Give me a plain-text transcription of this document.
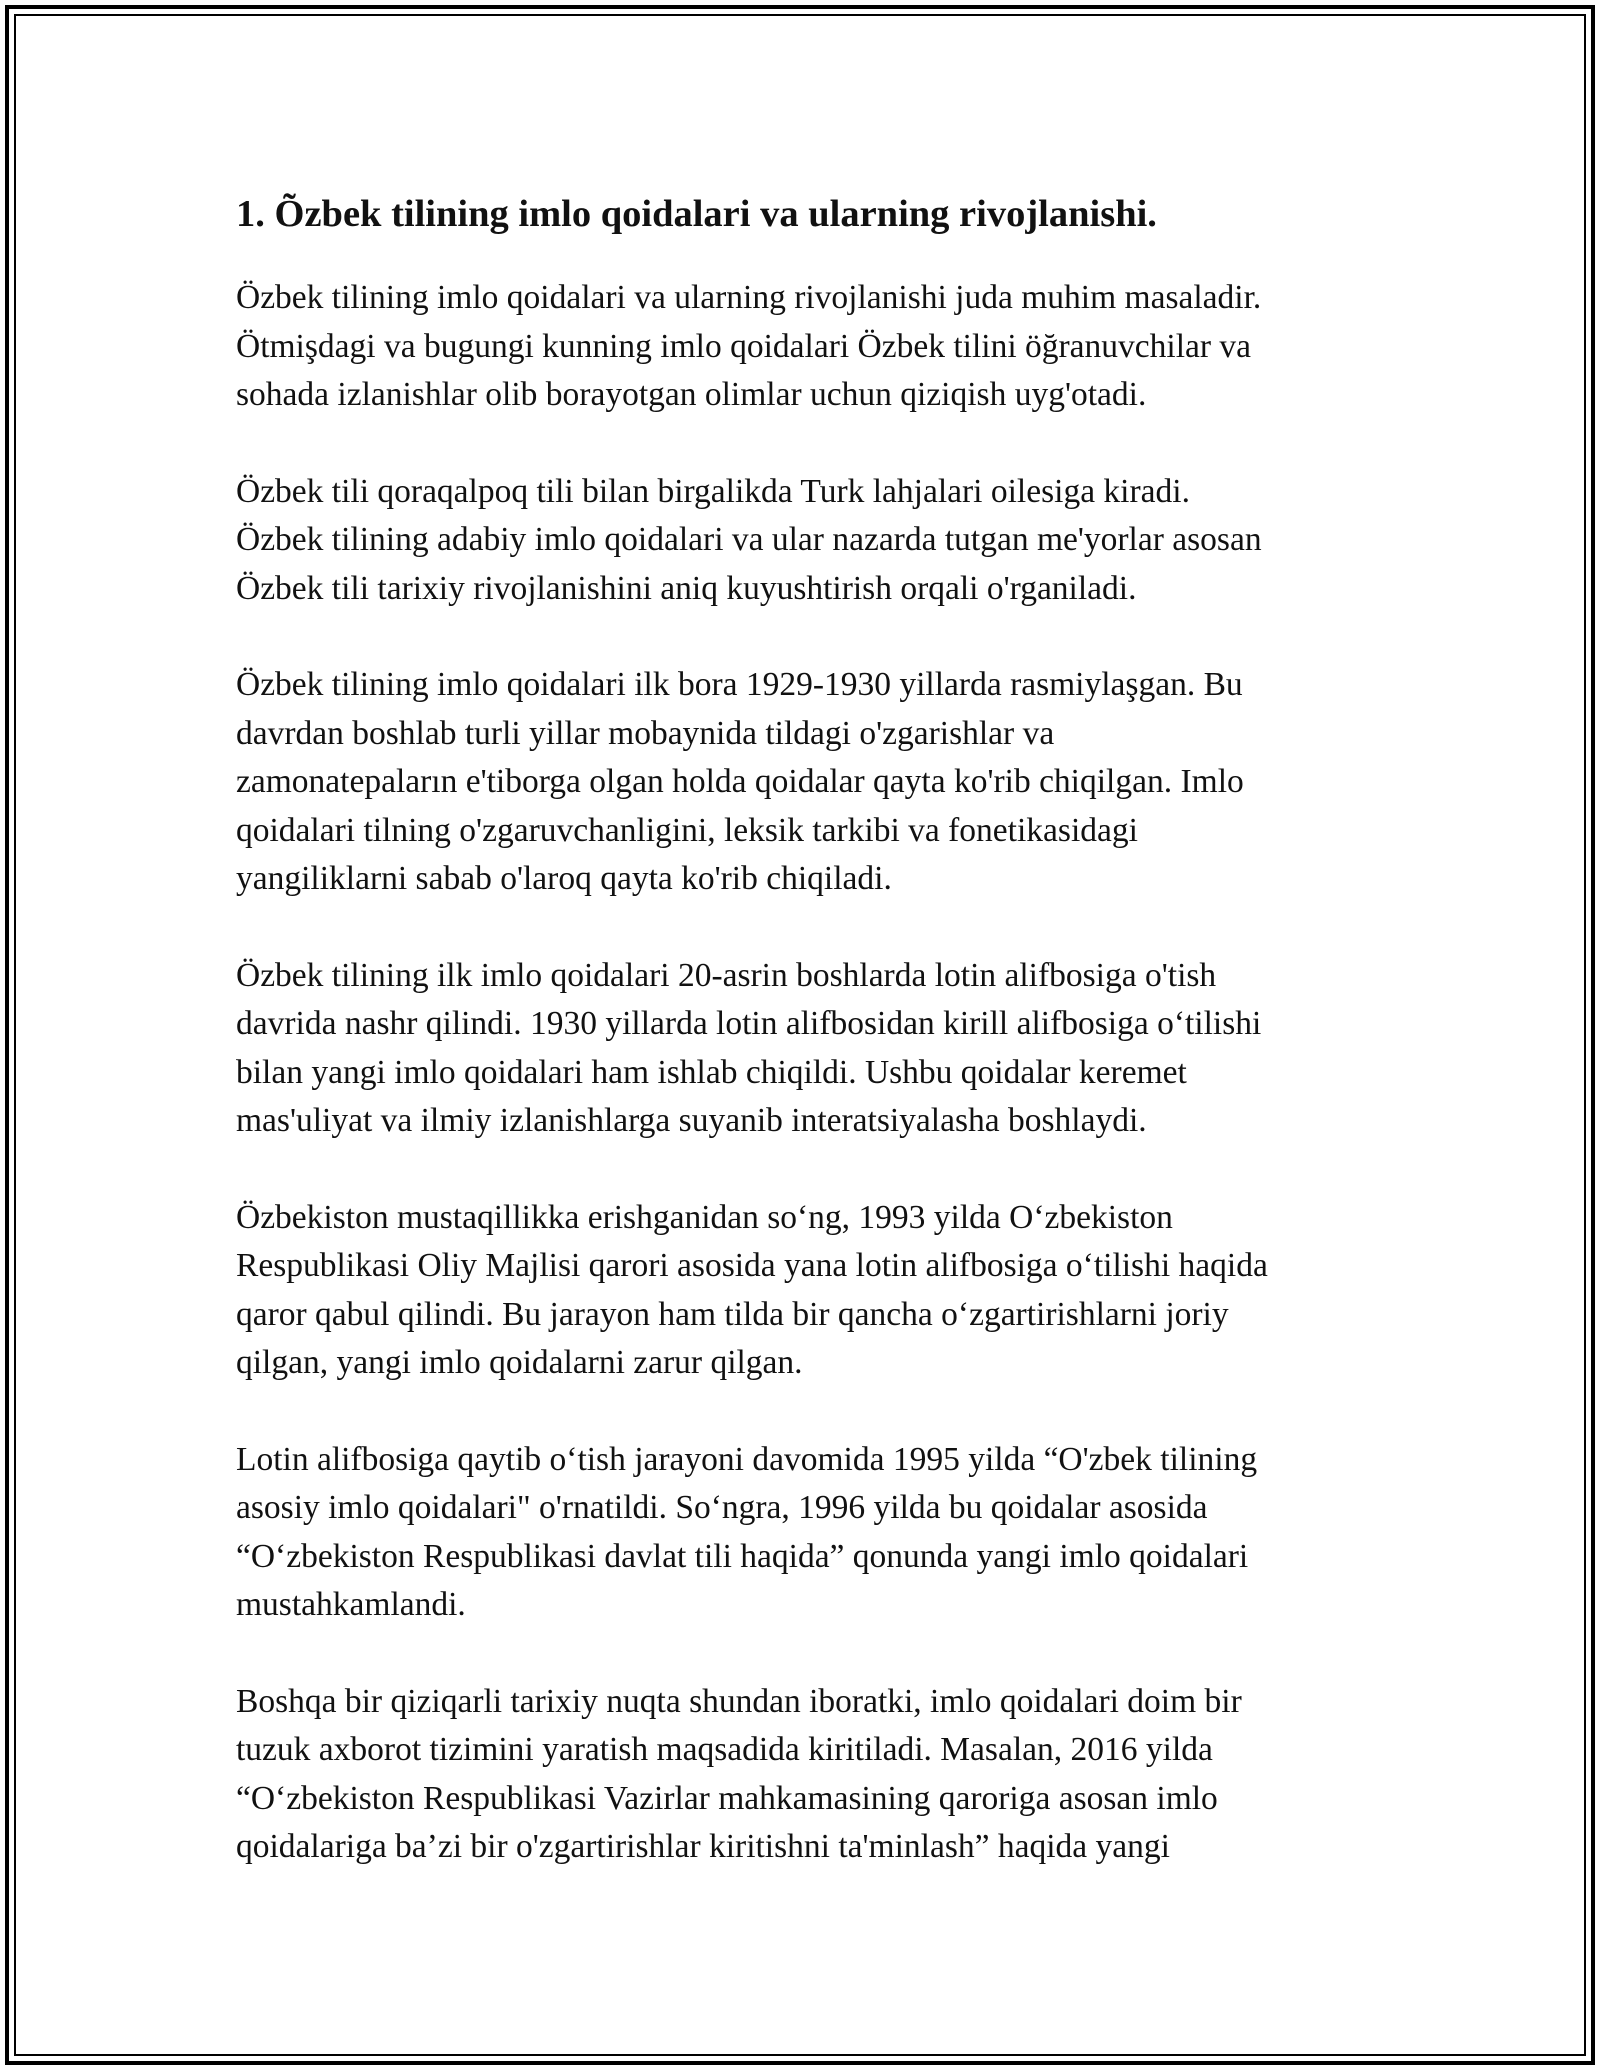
1. Õzbek tilining imlo qoidalari va ularning rivojlanishi.

Özbek tilining imlo qoidalari va ularning rivojlanishi juda muhim masaladir.
Ötmişdagi va bugungi kunning imlo qoidalari Özbek tilini öğranuvchilar va
sohada izlanishlar olib borayotgan olimlar uchun qiziqish uyg'otadi.

Özbek tili qoraqalpoq tili bilan birgalikda Turk lahjalari oilesiga kiradi.
Özbek tilining adabiy imlo qoidalari va ular nazarda tutgan me'yorlar asosan
Özbek tili tarixiy rivojlanishini aniq kuyushtirish orqali o'rganiladi.

Özbek tilining imlo qoidalari ilk bora 1929-1930 yillarda rasmiylaşgan. Bu
davrdan boshlab turli yillar mobaynida tildagi o'zgarishlar va
zamonatepaların e'tiborga olgan holda qoidalar qayta ko'rib chiqilgan. Imlo
qoidalari tilning o'zgaruvchanligini, leksik tarkibi va fonetikasidagi
yangiliklarni sabab o'laroq qayta ko'rib chiqiladi.

Özbek tilining ilk imlo qoidalari 20-asrin boshlarda lotin alifbosiga o'tish
davrida nashr qilindi. 1930 yillarda lotin alifbosidan kirill alifbosiga o‘tilishi
bilan yangi imlo qoidalari ham ishlab chiqildi. Ushbu qoidalar keremet
mas'uliyat va ilmiy izlanishlarga suyanib interatsiyalasha boshlaydi.

Özbekiston mustaqillikka erishganidan so‘ng, 1993 yilda O‘zbekiston
Respublikasi Oliy Majlisi qarori asosida yana lotin alifbosiga o‘tilishi haqida
qaror qabul qilindi. Bu jarayon ham tilda bir qancha o‘zgartirishlarni joriy
qilgan, yangi imlo qoidalarni zarur qilgan.

Lotin alifbosiga qaytib o‘tish jarayoni davomida 1995 yilda “O'zbek tilining
asosiy imlo qoidalari" o'rnatildi. So‘ngra, 1996 yilda bu qoidalar asosida
“O‘zbekiston Respublikasi davlat tili haqida” qonunda yangi imlo qoidalari
mustahkamlandi.

Boshqa bir qiziqarli tarixiy nuqta shundan iboratki, imlo qoidalari doim bir
tuzuk axborot tizimini yaratish maqsadida kiritiladi. Masalan, 2016 yilda
“O‘zbekiston Respublikasi Vazirlar mahkamasining qaroriga asosan imlo
qoidalariga ba’zi bir o'zgartirishlar kiritishni ta'minlash” haqida yangi
